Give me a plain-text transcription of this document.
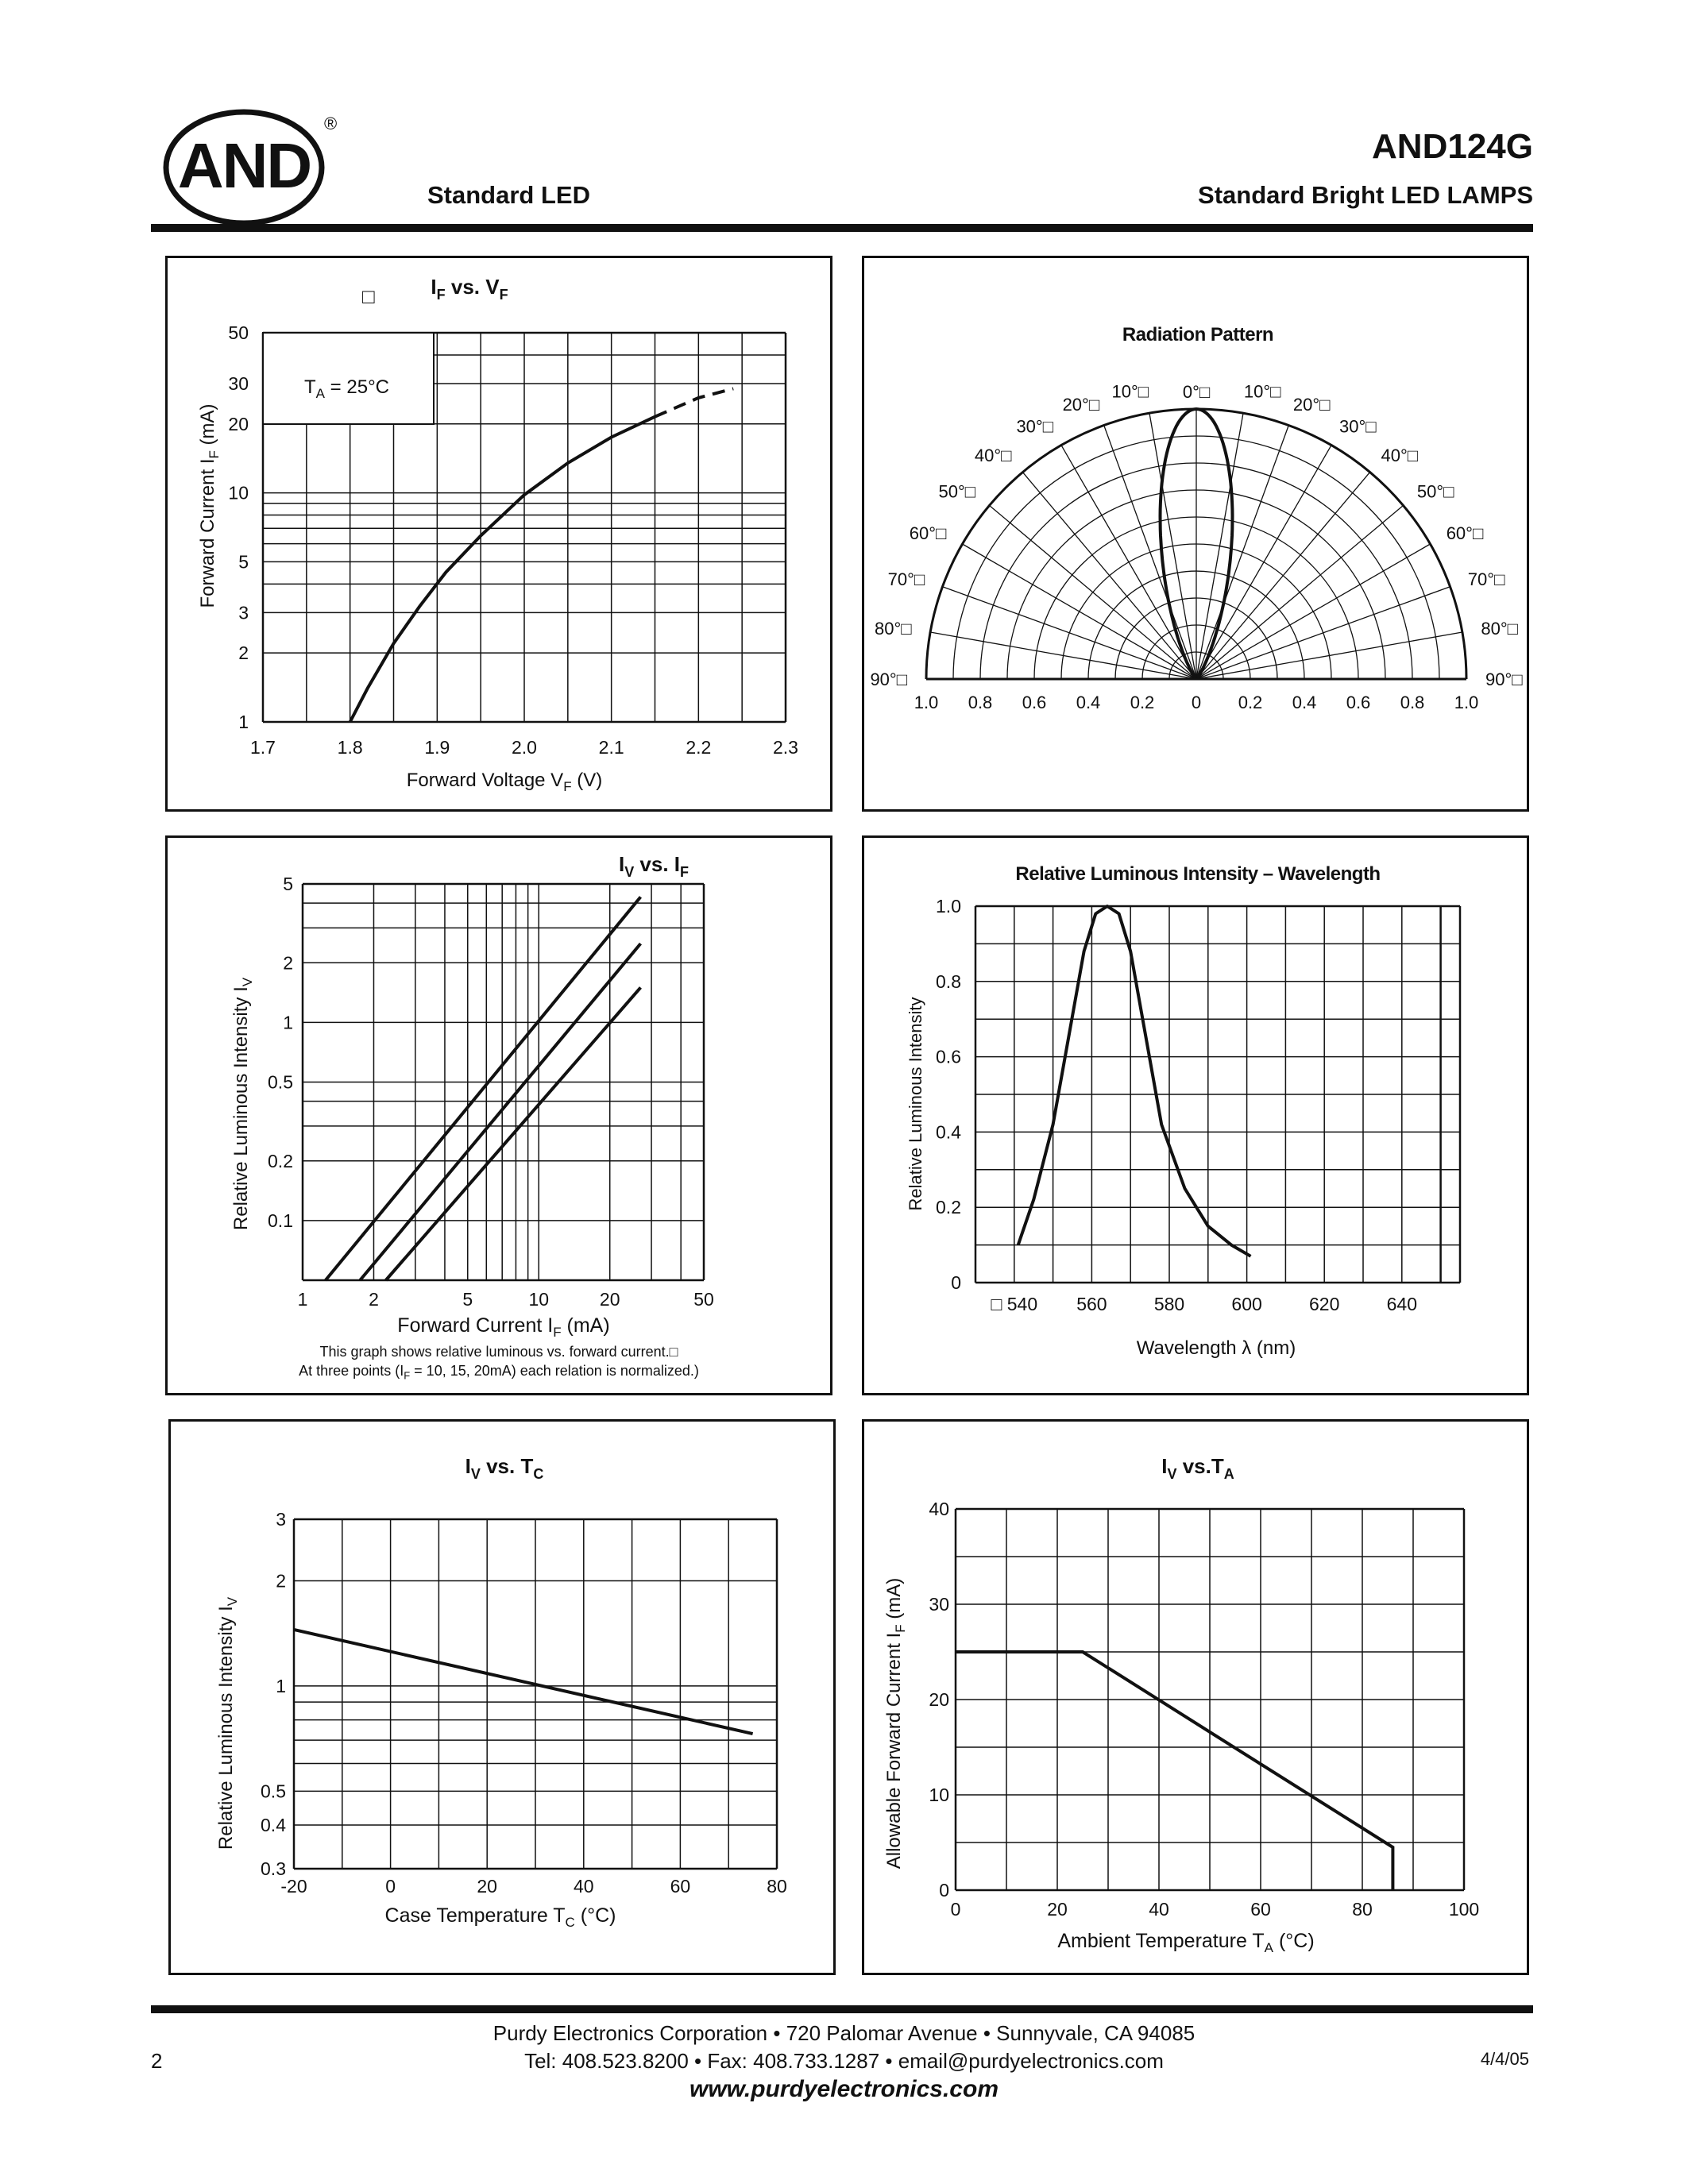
AND
®
AND124G
Standard LED	Standard Bright LED LAMPS
$I_F$ vs. $V_F$
□
$T_A = 25^\circ C$
1.7	1.8	1.9	2.0	2.1	2.2	2.3
1
2
3
5
10
20
30
50
Forward Voltage $V_F$ (V)
Forward Current $I_F$ (mA)
Radiation Pattern
0°□ 10°□
10°□
20°□
20°□
30°□
30°□
40°□
40°□
50°□
50°□
60°□
60°□
70°□
70°□
80°□
80°□
90°□
90°□
1.0 0.8 0.6 0.4 0.2 0 0.2 0.4 0.6 0.8 1.0
$I_V$ vs. $I_F$
1	2	5	10	20	50
0.1
0.2
0.5
1
2
5
Forward Current $I_F$ (mA)
Relative Luminous Intensity $I_V$
This graph shows relative luminous vs. forward current.□
At three points ($I_F = 10$, 15, 20mA) each relation is normalized.)
Relative Luminous Intensity – Wavelength
□ 540 560	580	600	620	640
0
0.2
0.4
0.6
0.8
1.0
Wavelength λ (nm)
Relative Luminous Intensity
$I_V$ vs. $T_C$
-20	0	20	40	60	80
0.3
0.4
0.5
1
2
3
Case Temperature $T_C$ (°C)
Relative Luminous Intensity $I_V$
$I_V$ $vs.T_A$
0	20	40	60	80	100
0
10
20
30
40
Ambient Temperature $T_A$ (°C)
Allowable Forward Current $I_F$ (mA)
2
Purdy Electronics Corporation • 720 Palomar Avenue • Sunnyvale, CA 94085
Tel: 408.523.8200 • Fax: 408.733.1287 • email@purdyelectronics.com
www.purdyelectronics.com
4/4/05
